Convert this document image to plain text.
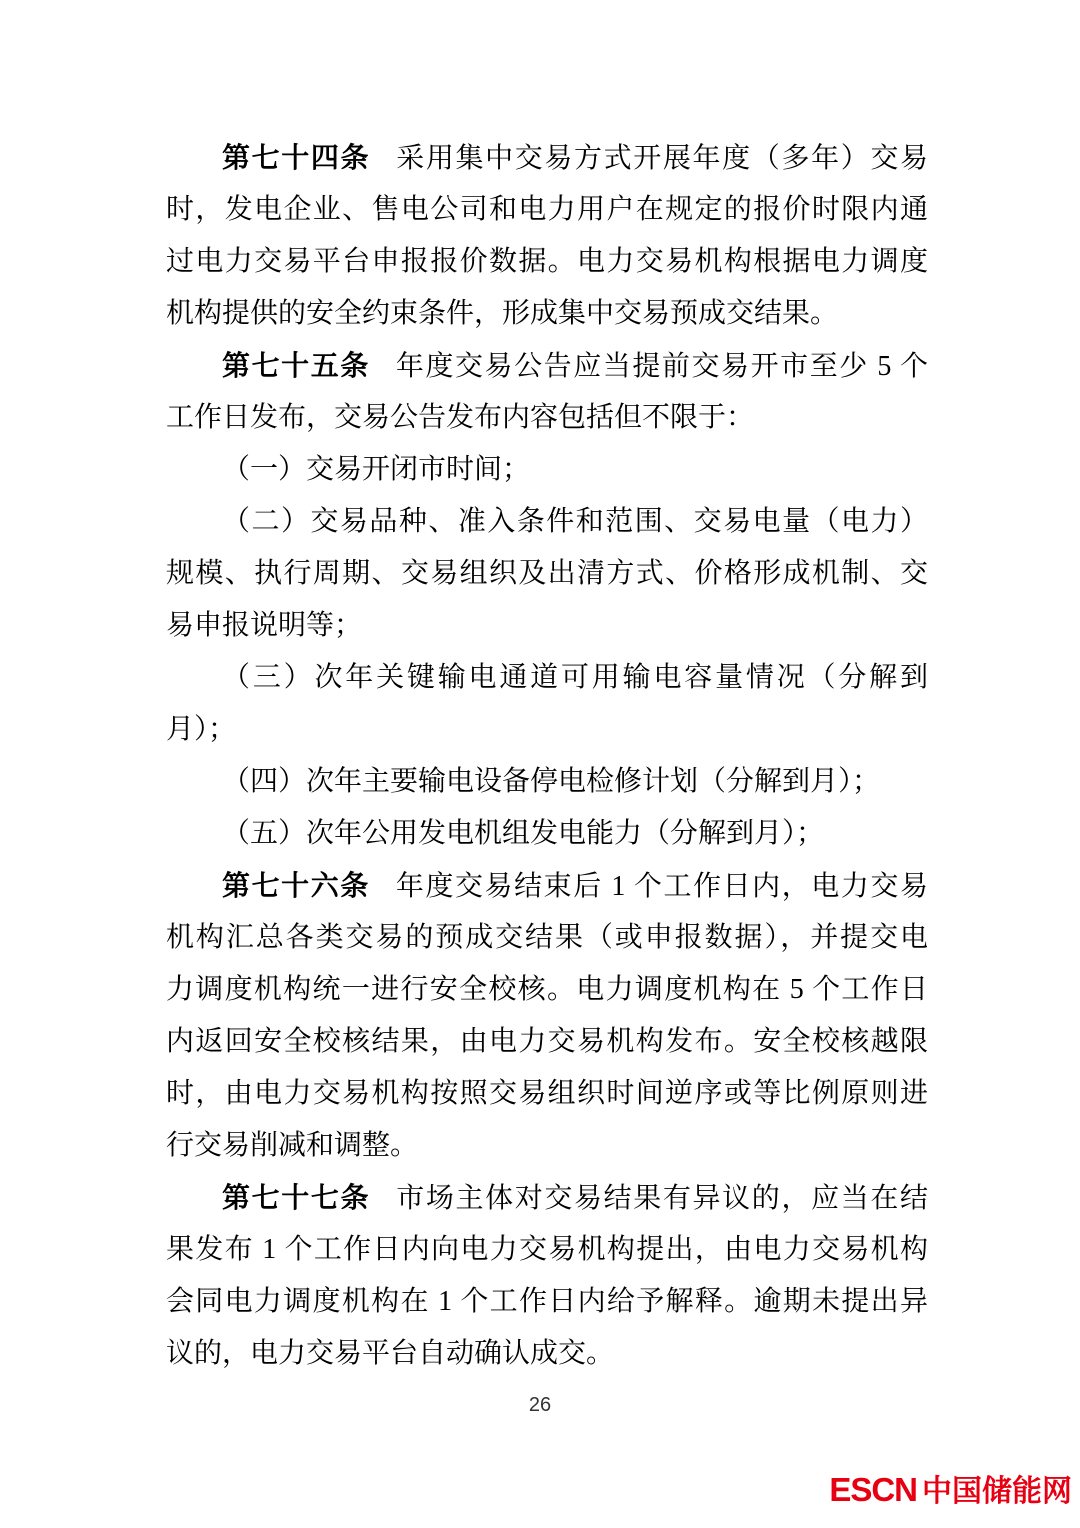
第七十四条 采用集中交易方式开展年度（多年）交易
时，发电企业、售电公司和电力用户在规定的报价时限内通
过电力交易平台申报报价数据。电力交易机构根据电力调度
机构提供的安全约束条件，形成集中交易预成交结果。
第七十五条 年度交易公告应当提前交易开市至少 5 个
工作日发布，交易公告发布内容包括但不限于：
（一）交易开闭市时间；
（二）交易品种、准入条件和范围、交易电量（电力）
规模、执行周期、交易组织及出清方式、价格形成机制、交
易申报说明等；
（三）次年关键输电通道可用输电容量情况（分解到
月）；
（四）次年主要输电设备停电检修计划（分解到月）；
（五）次年公用发电机组发电能力（分解到月）；
第七十六条 年度交易结束后 1 个工作日内，电力交易
机构汇总各类交易的预成交结果（或申报数据），并提交电
力调度机构统一进行安全校核。电力调度机构在 5 个工作日
内返回安全校核结果，由电力交易机构发布。安全校核越限
时，由电力交易机构按照交易组织时间逆序或等比例原则进
行交易削减和调整。
第七十七条 市场主体对交易结果有异议的，应当在结
果发布 1 个工作日内向电力交易机构提出，由电力交易机构
会同电力调度机构在 1 个工作日内给予解释。逾期未提出异
议的，电力交易平台自动确认成交。
26
ESCN 中国储能网
